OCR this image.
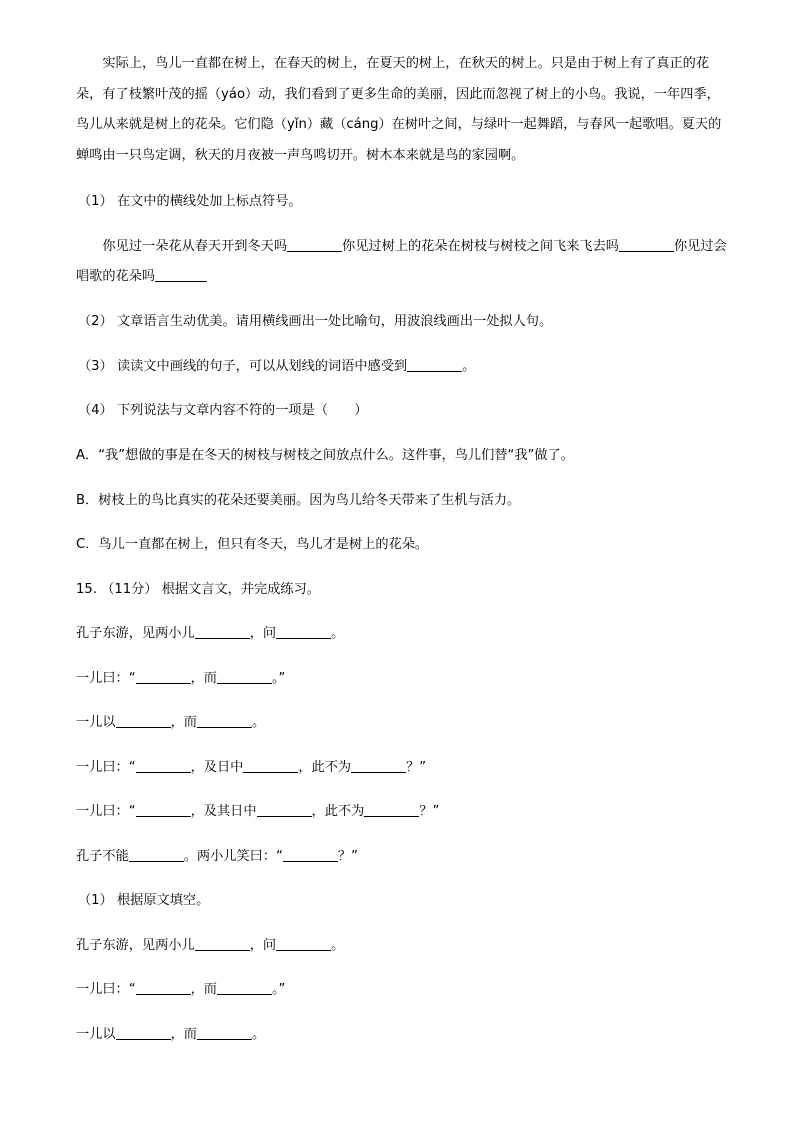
实际上，鸟儿一直都在树上，在春天的树上，在夏天的树上，在秋天的树上。只是由于树上有了真正的花朵，有了枝繁叶茂的摇（yáo）动，我们看到了更多生命的美丽，因此而忽视了树上的小鸟。我说，一年四季，鸟儿从来就是树上的花朵。它们隐（yǐn）藏（cáng）在树叶之间，与绿叶一起舞蹈，与春风一起歌唱。夏天的蝉鸣由一只鸟定调，秋天的月夜被一声鸟鸣切开。树木本来就是鸟的家园啊。

（1） 在文中的横线处加上标点符号。

你见过一朵花从春天开到冬天吗	你见过树上的花朵在树枝与树枝之间飞来飞去吗	你见过会唱歌的花朵吗

（2） 文章语言生动优美。请用横线画出一处比喻句，用波浪线画出一处拟人句。

（3） 读读文中画线的句子，可以从划线的词语中感受到	。

（4） 下列说法与文章内容不符的一项是（　　）

A．“我”想做的事是在冬天的树枝与树枝之间放点什么。这件事，鸟儿们替“我”做了。

B．树枝上的鸟比真实的花朵还要美丽。因为鸟儿给冬天带来了生机与活力。

C．鸟儿一直都在树上，但只有冬天，鸟儿才是树上的花朵。

15. （11分） 根据文言文，并完成练习。

孔子东游，见两小儿	，问	。

一儿曰：“	，而	。”

一儿以	，而	。

一儿曰：“	，及日中	，此不为	？”

一儿曰：“	，及其日中	，此不为	？”

孔子不能	。两小儿笑曰：“	？”

（1） 根据原文填空。

孔子东游，见两小儿	，问	。

一儿曰：“	，而	。”

一儿以	，而	。
